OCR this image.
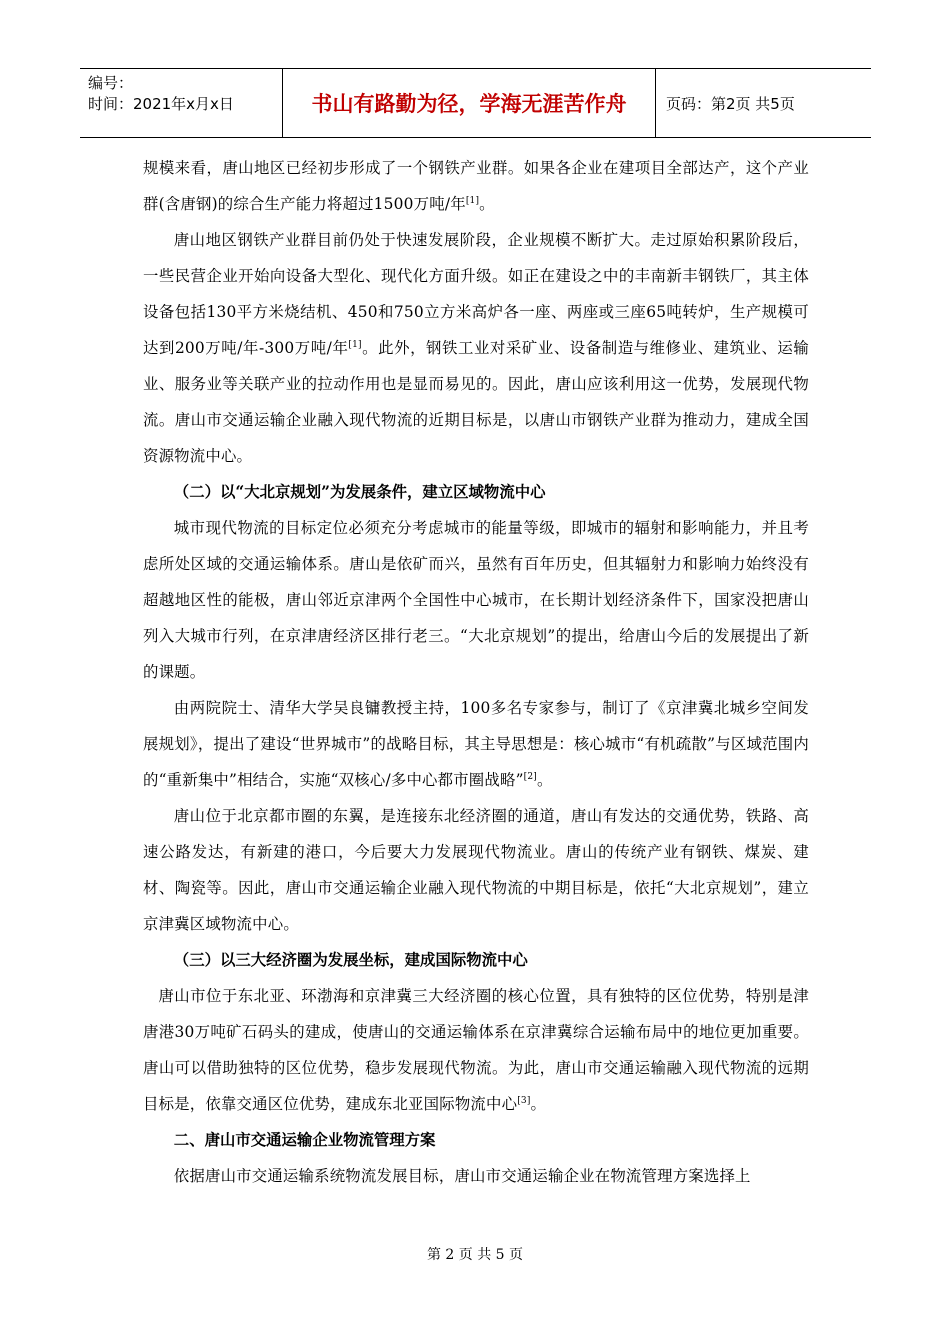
编号：
时间：2021年x月x日	书山有路勤为径，学海无涯苦作舟	页码：第2页 共5页

规模来看，唐山地区已经初步形成了一个钢铁产业群。如果各企业在建项目全部达产，这个产业群(含唐钢)的综合生产能力将超过1500万吨/年[1]。

唐山地区钢铁产业群目前仍处于快速发展阶段，企业规模不断扩大。走过原始积累阶段后，一些民营企业开始向设备大型化、现代化方面升级。如正在建设之中的丰南新丰钢铁厂，其主体设备包括130平方米烧结机、450和750立方米高炉各一座、两座或三座65吨转炉，生产规模可达到200万吨/年-300万吨/年[1]。此外，钢铁工业对采矿业、设备制造与维修业、建筑业、运输业、服务业等关联产业的拉动作用也是显而易见的。因此，唐山应该利用这一优势，发展现代物流。唐山市交通运输企业融入现代物流的近期目标是，以唐山市钢铁产业群为推动力，建成全国资源物流中心。

（二）以“大北京规划”为发展条件，建立区域物流中心

城市现代物流的目标定位必须充分考虑城市的能量等级，即城市的辐射和影响能力，并且考虑所处区域的交通运输体系。唐山是依矿而兴，虽然有百年历史，但其辐射力和影响力始终没有超越地区性的能极，唐山邻近京津两个全国性中心城市，在长期计划经济条件下，国家没把唐山列入大城市行列，在京津唐经济区排行老三。“大北京规划”的提出，给唐山今后的发展提出了新的课题。

由两院院士、清华大学吴良镛教授主持，100多名专家参与，制订了《京津冀北城乡空间发展规划》，提出了建设“世界城市”的战略目标，其主导思想是：核心城市“有机疏散”与区域范围内的“重新集中”相结合，实施“双核心/多中心都市圈战略”[2]。

唐山位于北京都市圈的东翼，是连接东北经济圈的通道，唐山有发达的交通优势，铁路、高速公路发达，有新建的港口，今后要大力发展现代物流业。唐山的传统产业有钢铁、煤炭、建材、陶瓷等。因此，唐山市交通运输企业融入现代物流的中期目标是，依托“大北京规划”，建立京津冀区域物流中心。

（三）以三大经济圈为发展坐标，建成国际物流中心

唐山市位于东北亚、环渤海和京津冀三大经济圈的核心位置，具有独特的区位优势，特别是津唐港30万吨矿石码头的建成，使唐山的交通运输体系在京津冀综合运输布局中的地位更加重要。唐山可以借助独特的区位优势，稳步发展现代物流。为此，唐山市交通运输融入现代物流的远期目标是，依靠交通区位优势，建成东北亚国际物流中心[3]。

二、唐山市交通运输企业物流管理方案

依据唐山市交通运输系统物流发展目标，唐山市交通运输企业在物流管理方案选择上

第 2 页 共 5 页
